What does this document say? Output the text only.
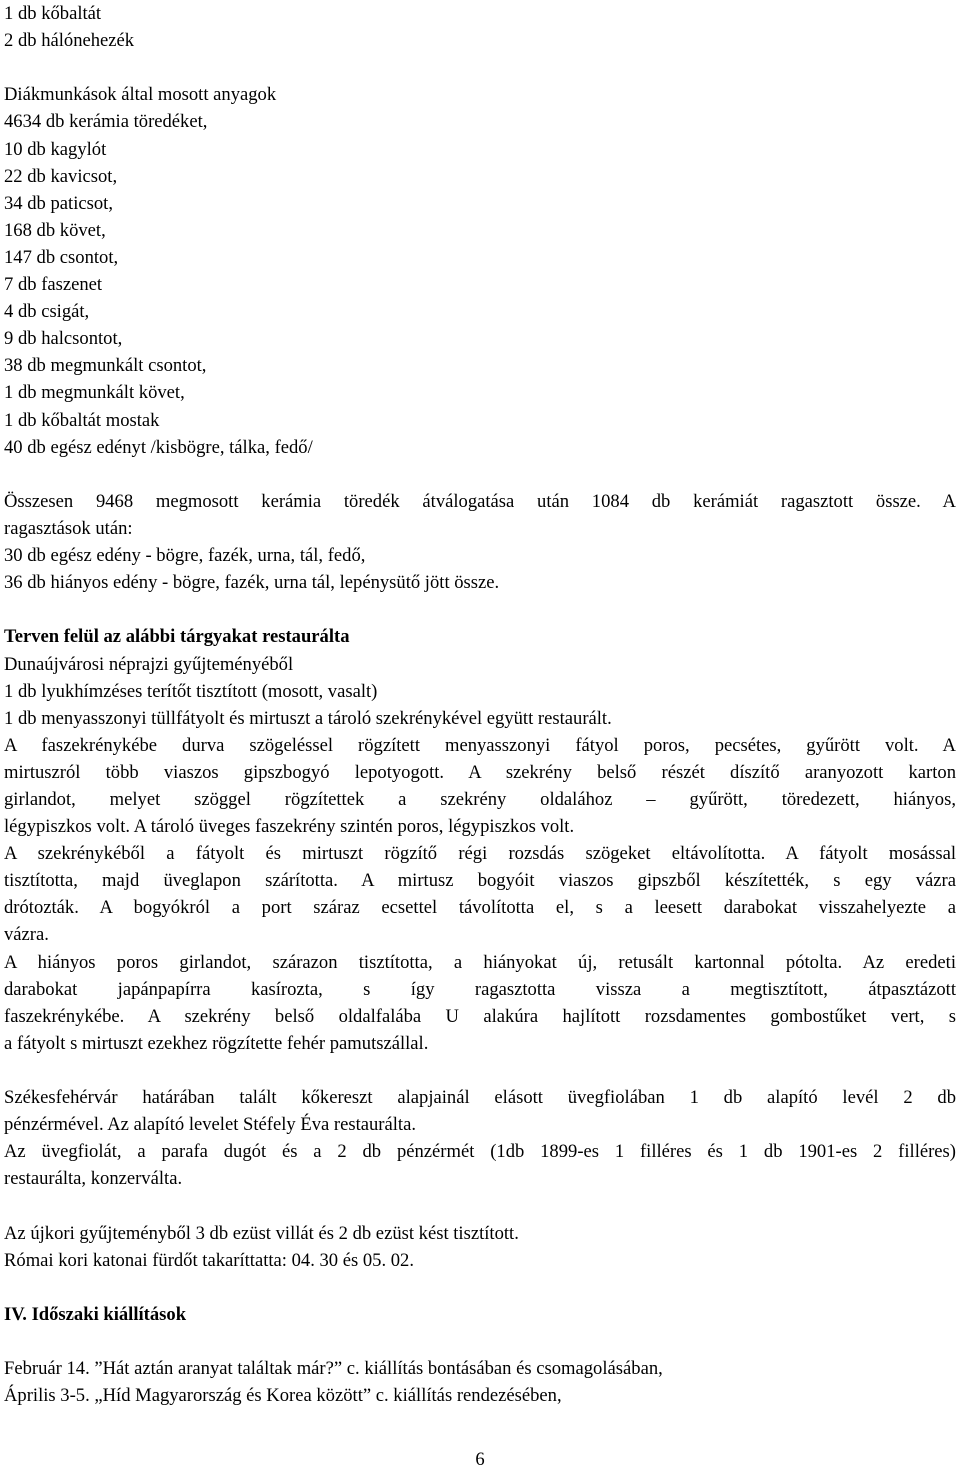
1 db kőbaltát
2 db hálónehezék
Diákmunkások által mosott anyagok
4634 db kerámia töredéket,
10 db kagylót
22 db kavicsot,
34 db paticsot,
168 db követ,
147 db csontot,
7 db faszenet
4 db csigát,
9 db halcsontot,
38 db megmunkált csontot,
1 db megmunkált követ,
1 db kőbaltát mostak
40 db egész edényt /kisbögre, tálka, fedő/
Összesen 9468 megmosott kerámia töredék átválogatása után 1084 db kerámiát ragasztott össze. A
ragasztások után:
30 db egész edény - bögre, fazék, urna, tál, fedő,
36 db hiányos edény - bögre, fazék, urna tál, lepénysütő jött össze.
Terven felül az alábbi tárgyakat restaurálta
Dunaújvárosi néprajzi gyűjteményéből
1 db lyukhímzéses terítőt tisztított (mosott, vasalt)
1 db menyasszonyi tüllfátyolt és mirtuszt a tároló szekrénykével együtt restaurált.
A faszekrénykébe durva szögeléssel rögzített menyasszonyi fátyol poros, pecsétes, gyűrött volt. A
mirtuszról több viaszos gipszbogyó lepotyogott. A szekrény belső részét díszítő aranyozott karton
girlandot, melyet szöggel rögzítettek a szekrény oldalához – gyűrött, töredezett, hiányos,
légypiszkos volt. A tároló üveges faszekrény szintén poros, légypiszkos volt.
A szekrénykéből a fátyolt és mirtuszt rögzítő régi rozsdás szögeket eltávolította. A fátyolt mosással
tisztította, majd üveglapon szárította. A mirtusz bogyóit viaszos gipszből készítették, s egy vázra
drótozták. A bogyókról a port száraz ecsettel távolította el, s a leesett darabokat visszahelyezte a
vázra.
A hiányos poros girlandot, szárazon tisztította, a hiányokat új, retusált kartonnal pótolta. Az eredeti
darabokat japánpapírra kasírozta, s így ragasztotta vissza a megtisztított, átpasztázott
faszekrénykébe. A szekrény belső oldalfalába U alakúra hajlított rozsdamentes gombostűket vert, s
a fátyolt s mirtuszt ezekhez rögzítette fehér pamutszállal.
Székesfehérvár határában talált kőkereszt alapjainál elásott üvegfiolában 1 db alapító levél 2 db
pénzérmével. Az alapító levelet Stéfely Éva restaurálta.
Az üvegfiolát, a parafa dugót és a 2 db pénzérmét (1db 1899-es 1 filléres és 1 db 1901-es 2 filléres)
restaurálta, konzerválta.
Az újkori gyűjteményből 3 db ezüst villát és 2 db ezüst kést tisztított.
Római kori katonai fürdőt takaríttatta: 04. 30 és 05. 02.
IV. Időszaki kiállítások
Február 14. ”Hát aztán aranyat találtak már?” c. kiállítás bontásában és csomagolásában,
Április 3-5. „Híd Magyarország és Korea között” c. kiállítás rendezésében,
6
